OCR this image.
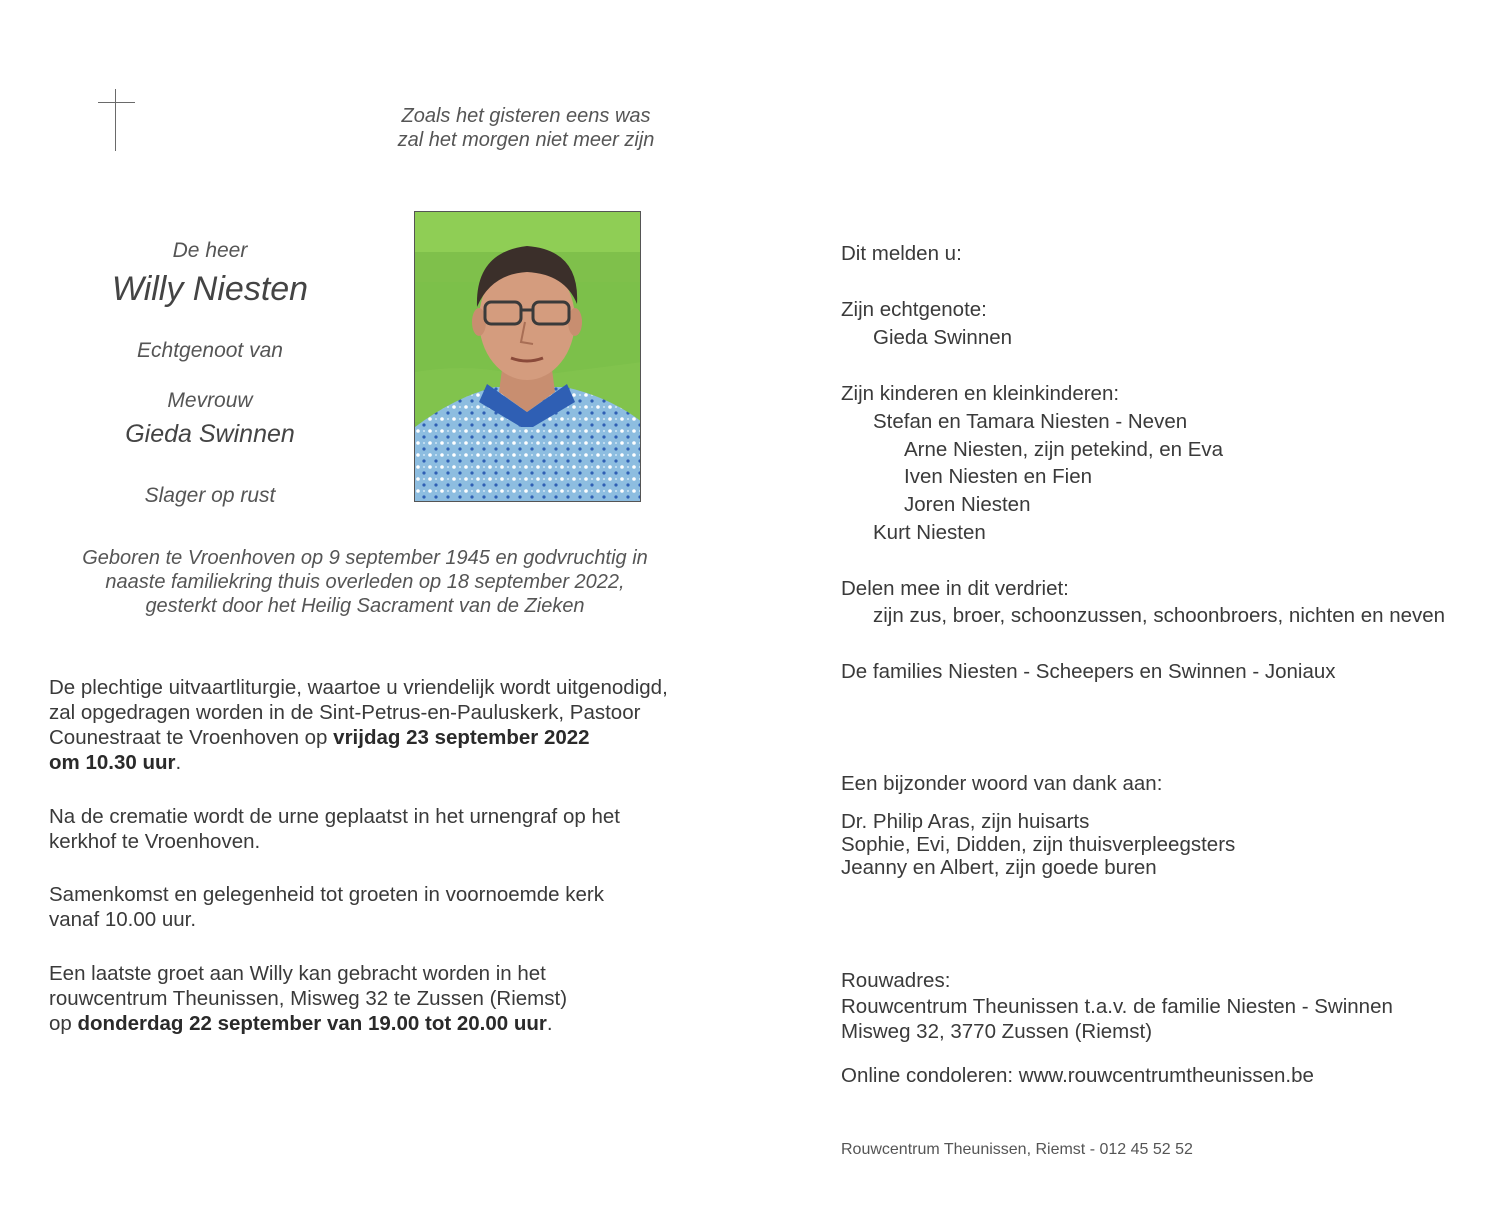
Zoals het gisteren eens was
zal het morgen niet meer zijn
De heer
Willy Niesten
Echtgenoot van
Mevrouw
Gieda Swinnen
Slager op rust
Geboren te Vroenhoven op 9 september 1945 en godvruchtig in
naaste familiekring thuis overleden op 18 september 2022,
gesterkt door het Heilig Sacrament van de Zieken
De plechtige uitvaartliturgie, waartoe u vriendelijk wordt uitgenodigd,
zal opgedragen worden in de Sint-Petrus-en-Pauluskerk, Pastoor
Counestraat te Vroenhoven op vrijdag 23 september 2022
om 10.30 uur.
Na de crematie wordt de urne geplaatst in het urnengraf op het
kerkhof te Vroenhoven.
Samenkomst en gelegenheid tot groeten in voornoemde kerk
vanaf 10.00 uur.
Een laatste groet aan Willy kan gebracht worden in het
rouwcentrum Theunissen, Misweg 32 te Zussen (Riemst)
op donderdag 22 september van 19.00 tot 20.00 uur.
Dit melden u:
Zijn echtgenote:
Gieda Swinnen
Zijn kinderen en kleinkinderen:
Stefan en Tamara Niesten - Neven
Arne Niesten, zijn petekind, en Eva
Iven Niesten en Fien
Joren Niesten
Kurt Niesten
Delen mee in dit verdriet:
zijn zus, broer, schoonzussen, schoonbroers, nichten en neven
De families Niesten - Scheepers en Swinnen - Joniaux
Een bijzonder woord van dank aan:
Dr. Philip Aras, zijn huisarts
Sophie, Evi, Didden, zijn thuisverpleegsters
Jeanny en Albert, zijn goede buren
Rouwadres:
Rouwcentrum Theunissen t.a.v. de familie Niesten - Swinnen
Misweg 32, 3770 Zussen (Riemst)
Online condoleren: www.rouwcentrumtheunissen.be
Rouwcentrum Theunissen, Riemst - 012 45 52 52
